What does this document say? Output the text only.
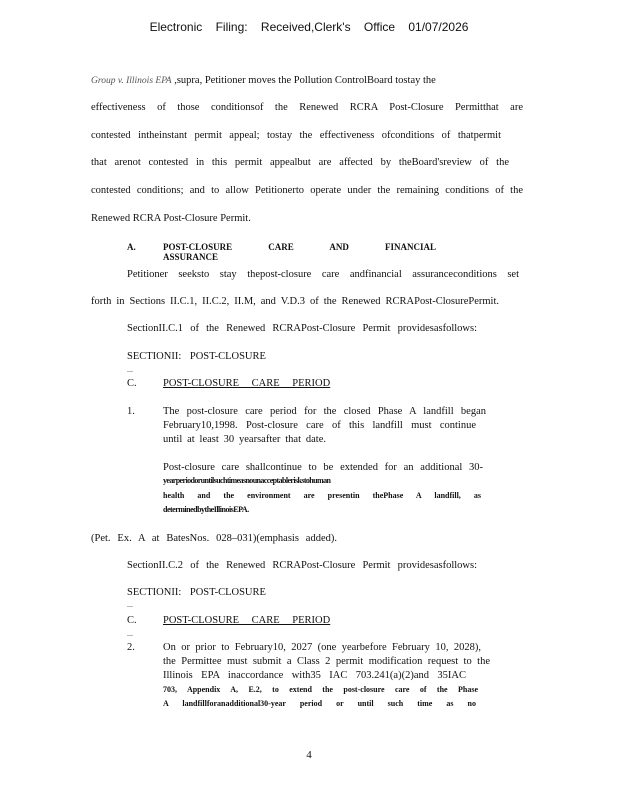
Electronic Filing: Received,Clerk's Office 01/07/2026
Group v. Illinois EPA ,supra, Petitioner moves the Pollution ControlBoard tostay the
effectiveness of those conditionsof the Renewed RCRA Post-Closure Permitthat are
contested intheinstant permit appeal; tostay the effectiveness ofconditions of thatpermit
that arenot contested in this permit appealbut are affected by theBoard'sreview of the
contested conditions; and to allow Petitionerto operate under the remaining conditions of the
Renewed RCRA Post-Closure Permit.
A.	POST-CLOSURE CARE AND FINANCIAL ASSURANCE
Petitioner seeksto stay thepost-closure care andfinancial assuranceconditions set
forth in Sections II.C.1, II.C.2, II.M, and V.D.3 of the Renewed RCRAPost-ClosurePermit.
SectionII.C.1 of the Renewed RCRAPost-Closure Permit providesasfollows:
SECTIONII: POST-CLOSURE
...
C.	POST-CLOSURE CARE PERIOD
1.	The post-closure care period for the closed Phase A landfill began
February10,1998. Post-closure care of this landfill must continue
until at least 30 yearsafter that date.
Post-closure care shallcontinue to be extended for an additional 30-
yearperiodoruntilsuchtimeasnounacceptableriskstohuman
health and the environment are presentin thePhase A landfill, as
determinedbytheIllinoisEPA.
(Pet. Ex. A at BatesNos. 028–031)(emphasis added).
SectionII.C.2 of the Renewed RCRAPost-Closure Permit providesasfollows:
SECTIONII: POST-CLOSURE
...
C.	POST-CLOSURE CARE PERIOD
...
2.	On or prior to February10, 2027 (one yearbefore February 10, 2028),
the Permittee must submit a Class 2 permit modification request to the
Illinois EPA inaccordance with35 IAC 703.241(a)(2)and 35IAC
703, Appendix A, E.2, to extend the post-closure care of the Phase
A landfillforanadditional30-year period or until such time as no
4
